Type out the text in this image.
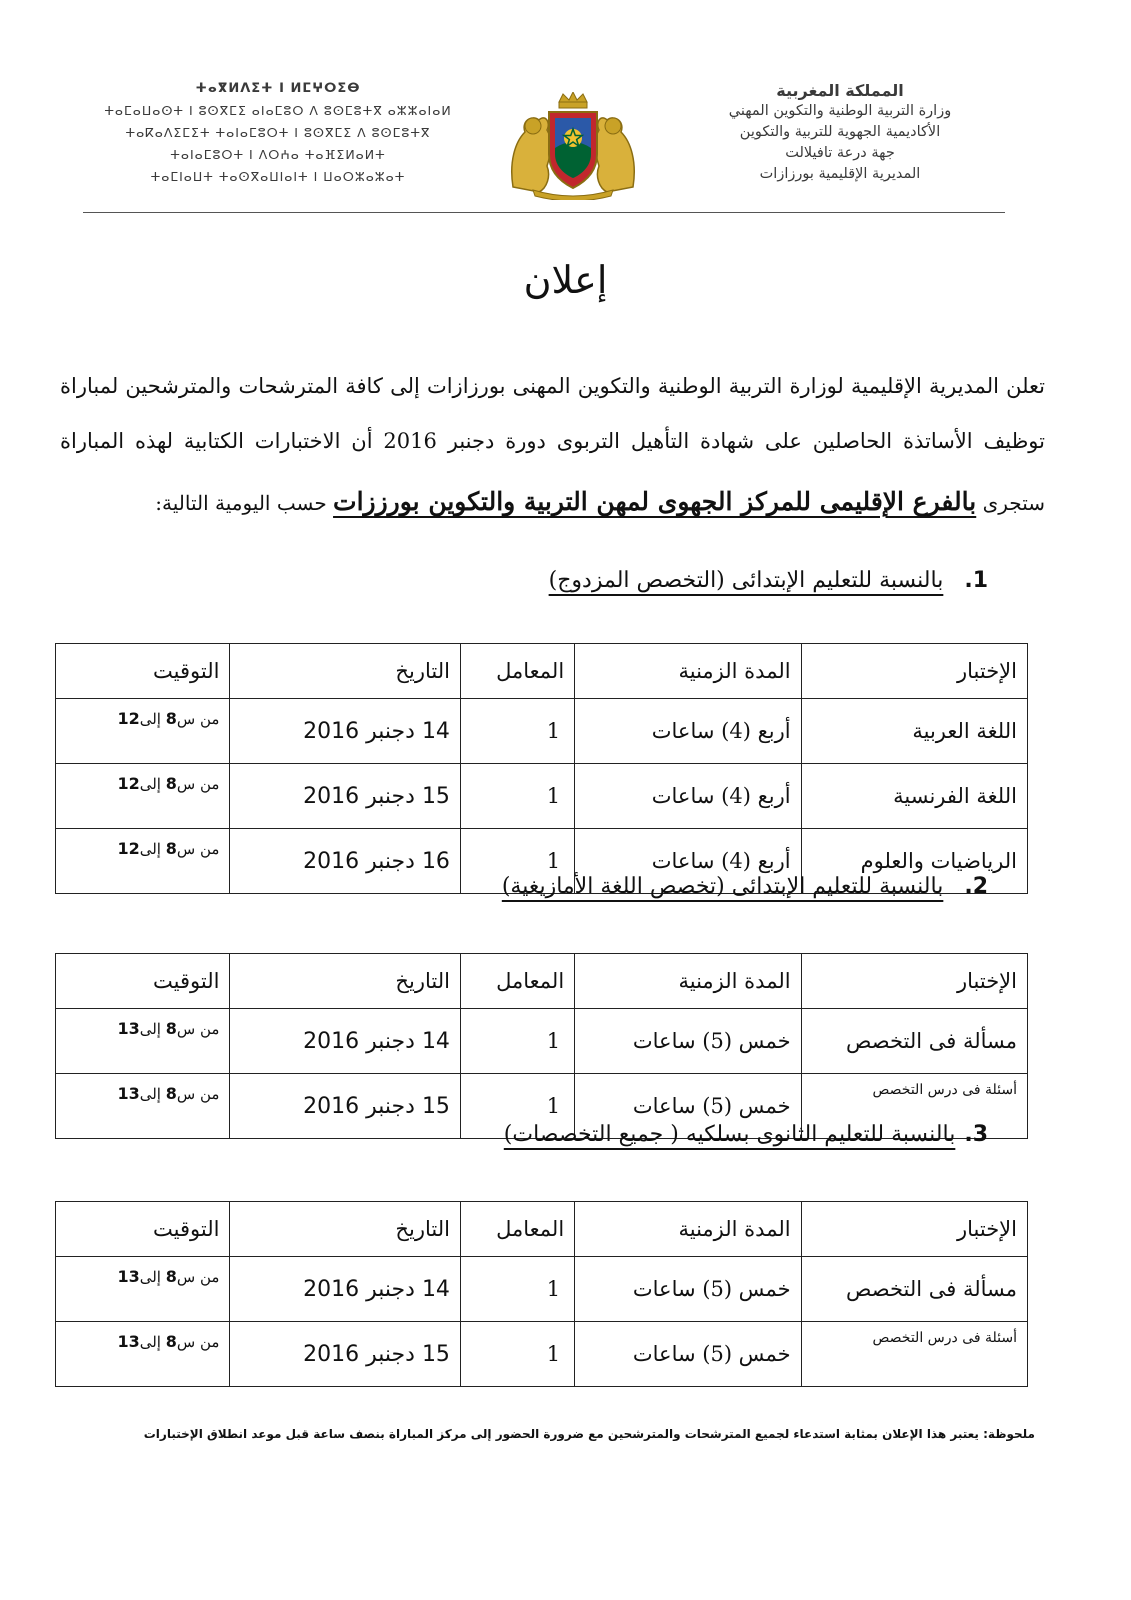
المملكة المغربية
وزارة التربية الوطنية والتكوين المهني
الأكاديمية الجهوية للتربية والتكوين
جهة درعة تافيلالت
المديرية الإقليمية بورزازات
ⵜⴰⴳⵍⴷⵉⵜ ⵏ ⵍⵎⵖⵔⵉⴱ
ⵜⴰⵎⴰⵡⴰⵙⵜ ⵏ ⵓⵙⴳⵎⵉ ⴰⵏⴰⵎⵓⵔ ⴷ ⵓⵙⵎⵓⵜⴳ ⴰⵣⵣⴰⵏⴰⵍ
ⵜⴰⴽⴰⴷⵉⵎⵉⵜ ⵜⴰⵏⴰⵎⵓⵔⵜ ⵏ ⵓⵙⴳⵎⵉ ⴷ ⵓⵙⵎⵓⵜⴳ
ⵜⴰⵏⴰⵎⵓⵔⵜ ⵏ ⴷⵔⵄⴰ ⵜⴰⴼⵉⵍⴰⵍⵜ
ⵜⴰⵎⵏⴰⵡⵜ ⵜⴰⵙⴳⴰⵡⵏⴰⵏⵜ ⵏ ⵡⴰⵔⵣⴰⵣⴰⵜ
إعلان
تعلن المديرية الإقليمية لوزارة التربية الوطنية والتكوين المهنى بورزازات إلى كافة المترشحات والمترشحين لمباراة
توظيف الأساتذة الحاصلين على شهادة التأهيل التربوى دورة دجنبر 2016 أن الاختبارات الكتابية لهذه المباراة
ستجرى بالفرع الإقليمى للمركز الجهوى لمهن التربية والتكوين بورززات حسب اليومية التالية:
1. بالنسبة للتعليم الإبتدائى (التخصص المزدوج)
الإختبار	المدة الزمنية	المعامل	التاريخ	التوقيت
اللغة العربية	أربع (4) ساعات	1	14 دجنبر 2016	من س8 إلى12
اللغة الفرنسية	أربع (4) ساعات	1	15 دجنبر 2016	من س8 إلى12
الرياضيات والعلوم	أربع (4) ساعات	1	16 دجنبر 2016	من س8 إلى12
2. بالنسبة للتعليم الإبتدائى (تخصص اللغة الأمازيغية)
الإختبار	المدة الزمنية	المعامل	التاريخ	التوقيت
مسألة فى التخصص	خمس (5) ساعات	1	14 دجنبر 2016	من س8 إلى13
أسئلة فى درس التخصص	خمس (5) ساعات	1	15 دجنبر 2016	من س8 إلى13
3. بالنسبة للتعليم الثانوى بسلكيه ( جميع التخصصات)
الإختبار	المدة الزمنية	المعامل	التاريخ	التوقيت
مسألة فى التخصص	خمس (5) ساعات	1	14 دجنبر 2016	من س8 إلى13
أسئلة فى درس التخصص	خمس (5) ساعات	1	15 دجنبر 2016	من س8 إلى13
ملحوظة: يعتبر هذا الإعلان بمثابة استدعاء لجميع المترشحات والمترشحين مع ضرورة الحضور إلى مركز المباراة بنصف ساعة قبل موعد انطلاق الإختبارات
